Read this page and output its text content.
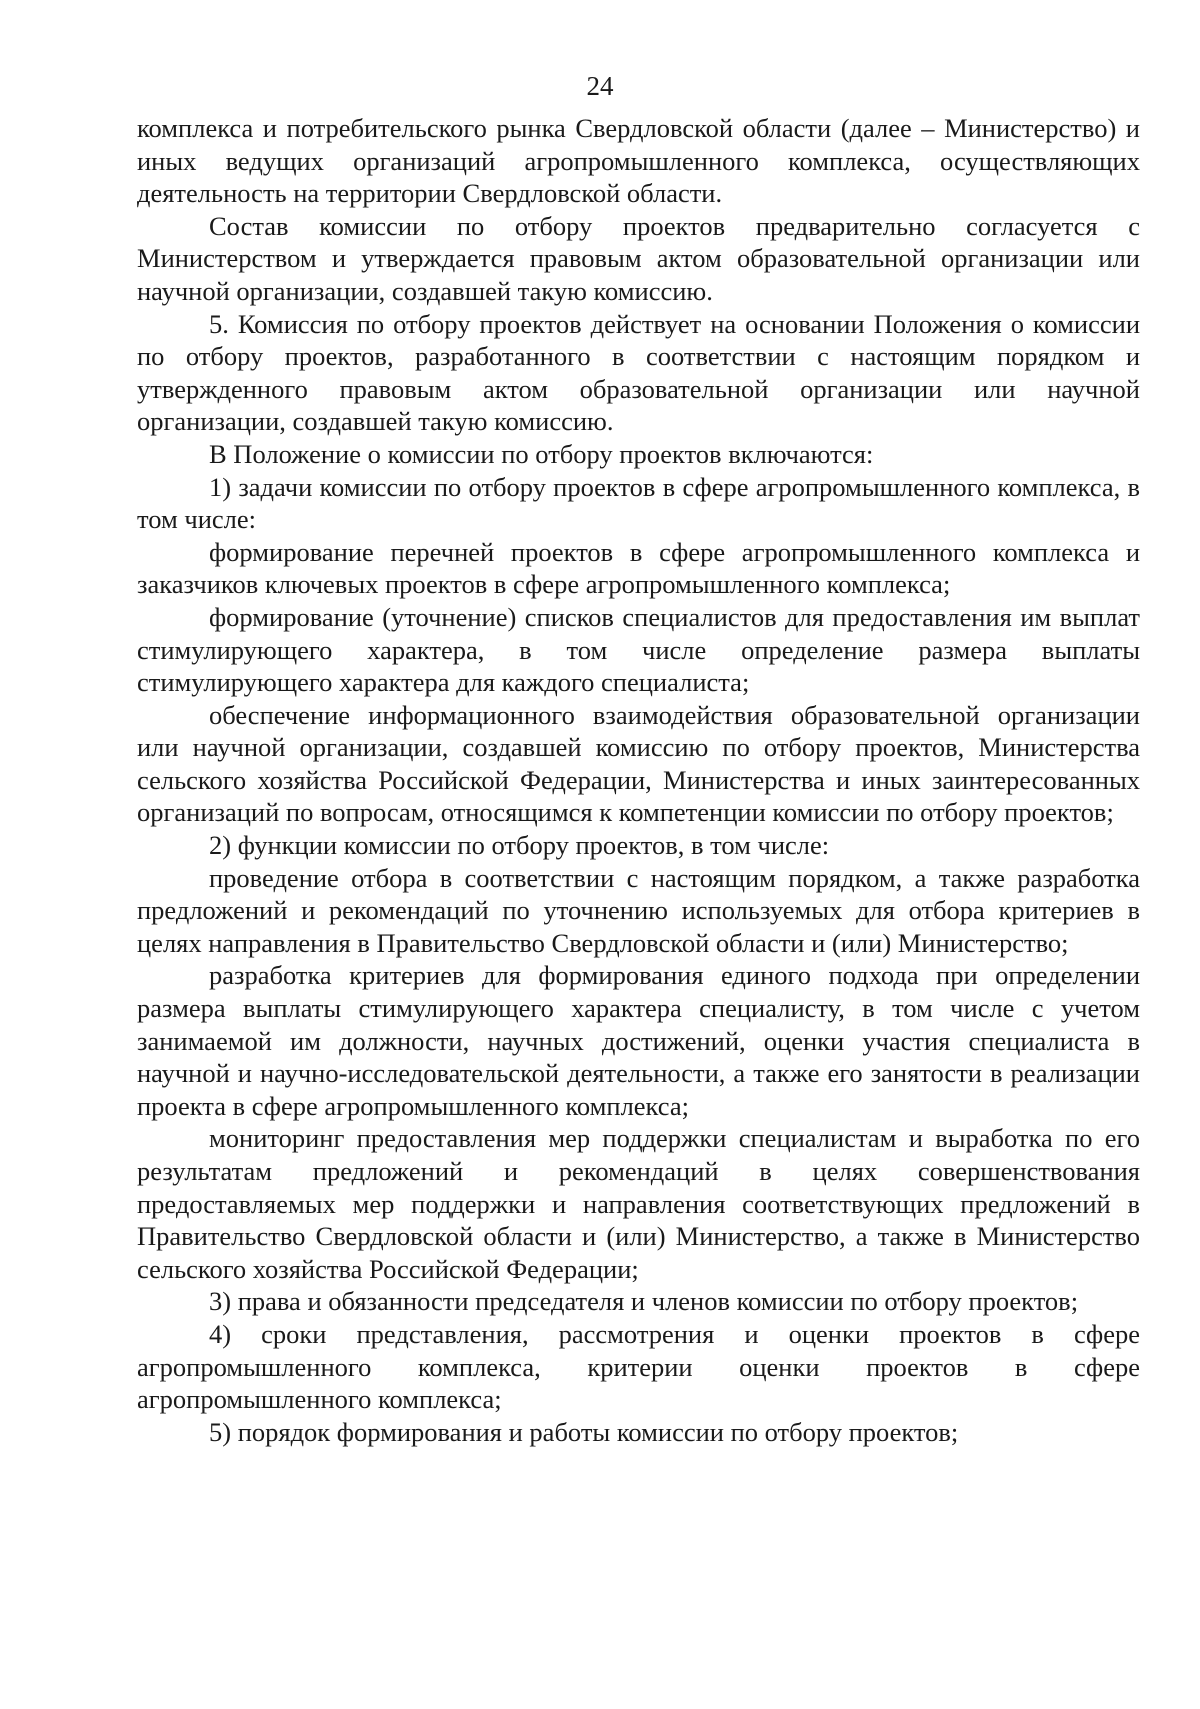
24

комплекса и потребительского рынка Свердловской области (далее – Министерство) и иных ведущих организаций агропромышленного комплекса, осуществляющих деятельность на территории Свердловской области.

Состав комиссии по отбору проектов предварительно согласуется с Министерством и утверждается правовым актом образовательной организации или научной организации, создавшей такую комиссию.

5. Комиссия по отбору проектов действует на основании Положения о комиссии по отбору проектов, разработанного в соответствии с настоящим порядком и утвержденного правовым актом образовательной организации или научной организации, создавшей такую комиссию.

В Положение о комиссии по отбору проектов включаются:

1) задачи комиссии по отбору проектов в сфере агропромышленного комплекса, в том числе:

формирование перечней проектов в сфере агропромышленного комплекса и заказчиков ключевых проектов в сфере агропромышленного комплекса;

формирование (уточнение) списков специалистов для предоставления им выплат стимулирующего характера, в том числе определение размера выплаты стимулирующего характера для каждого специалиста;

обеспечение информационного взаимодействия образовательной организации или научной организации, создавшей комиссию по отбору проектов, Министерства сельского хозяйства Российской Федерации, Министерства и иных заинтересованных организаций по вопросам, относящимся к компетенции комиссии по отбору проектов;

2) функции комиссии по отбору проектов, в том числе:

проведение отбора в соответствии с настоящим порядком, а также разработка предложений и рекомендаций по уточнению используемых для отбора критериев в целях направления в Правительство Свердловской области и (или) Министерство;

разработка критериев для формирования единого подхода при определении размера выплаты стимулирующего характера специалисту, в том числе с учетом занимаемой им должности, научных достижений, оценки участия специалиста в научной и научно-исследовательской деятельности, а также его занятости в реализации проекта в сфере агропромышленного комплекса;

мониторинг предоставления мер поддержки специалистам и выработка по его результатам предложений и рекомендаций в целях совершенствования предоставляемых мер поддержки и направления соответствующих предложений в Правительство Свердловской области и (или) Министерство, а также в Министерство сельского хозяйства Российской Федерации;

3) права и обязанности председателя и членов комиссии по отбору проектов;

4) сроки представления, рассмотрения и оценки проектов в сфере агропромышленного комплекса, критерии оценки проектов в сфере агропромышленного комплекса;

5) порядок формирования и работы комиссии по отбору проектов;
